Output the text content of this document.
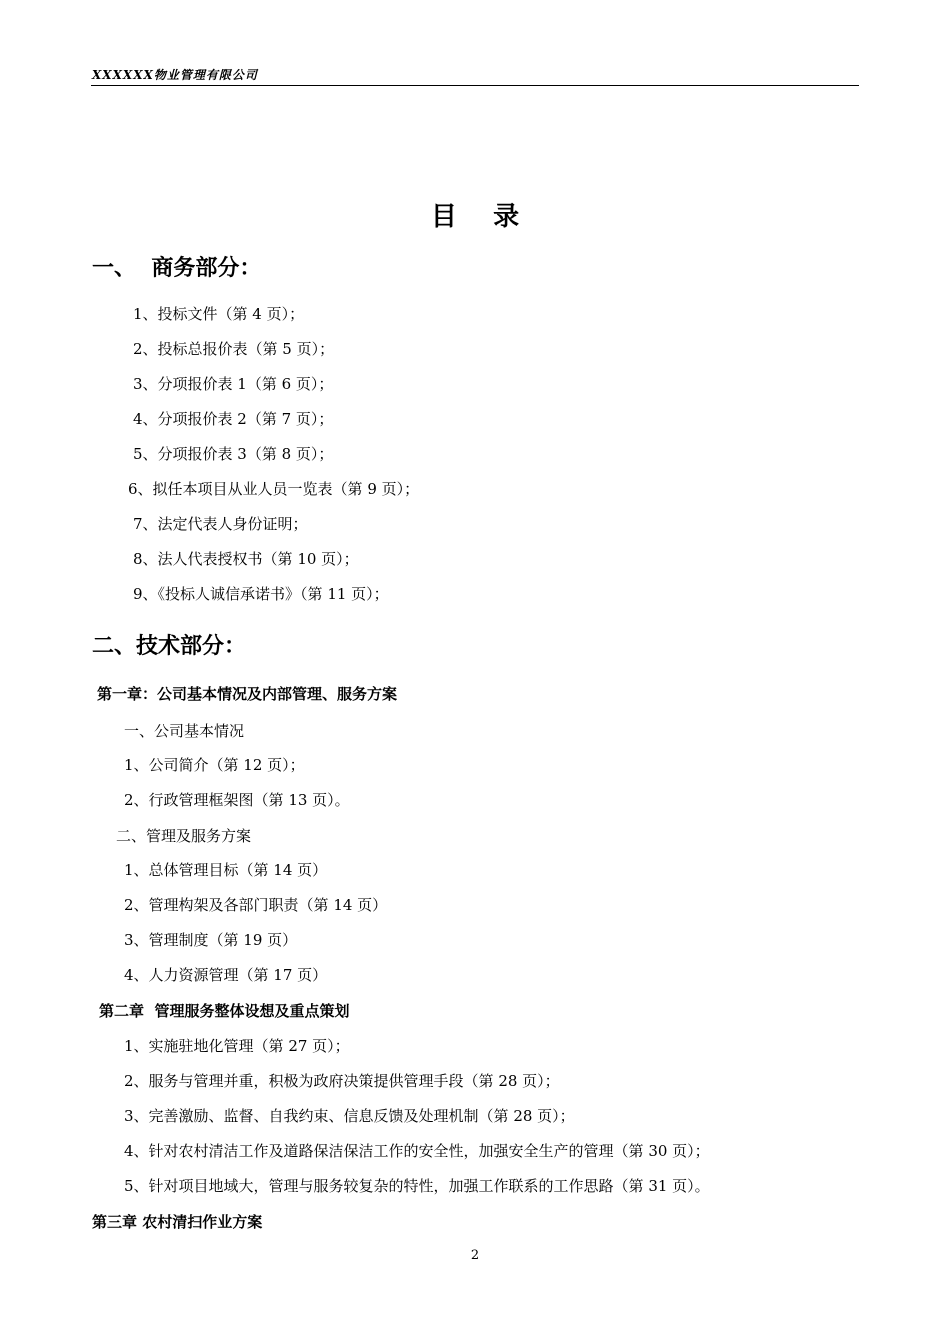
XXXXXX物业管理有限公司
目    录
一、  商务部分：
1、投标文件（第 4 页）；
2、投标总报价表（第 5 页）；
3、分项报价表 1（第 6 页）；
4、分项报价表 2（第 7 页）；
5、分项报价表 3（第 8 页）；
6、拟任本项目从业人员一览表（第 9 页）；
7、法定代表人身份证明；
8、法人代表授权书（第 10 页）；
9、《投标人诚信承诺书》（第 11 页）；
二、技术部分：
第一章：公司基本情况及内部管理、服务方案
一、公司基本情况
1、公司简介（第 12 页）；
2、行政管理框架图（第 13 页）。
二、管理及服务方案
1、总体管理目标（第 14 页）
2、管理构架及各部门职责（第 14 页）
3、管理制度（第 19 页）
4、人力资源管理（第 17 页）
第二章  管理服务整体设想及重点策划
1、实施驻地化管理（第 27 页）；
2、服务与管理并重，积极为政府决策提供管理手段（第 28 页）；
3、完善激励、监督、自我约束、信息反馈及处理机制（第 28 页）；
4、针对农村清洁工作及道路保洁保洁工作的安全性，加强安全生产的管理（第 30 页）；
5、针对项目地域大，管理与服务较复杂的特性，加强工作联系的工作思路（第 31 页）。
第三章 农村清扫作业方案
2
